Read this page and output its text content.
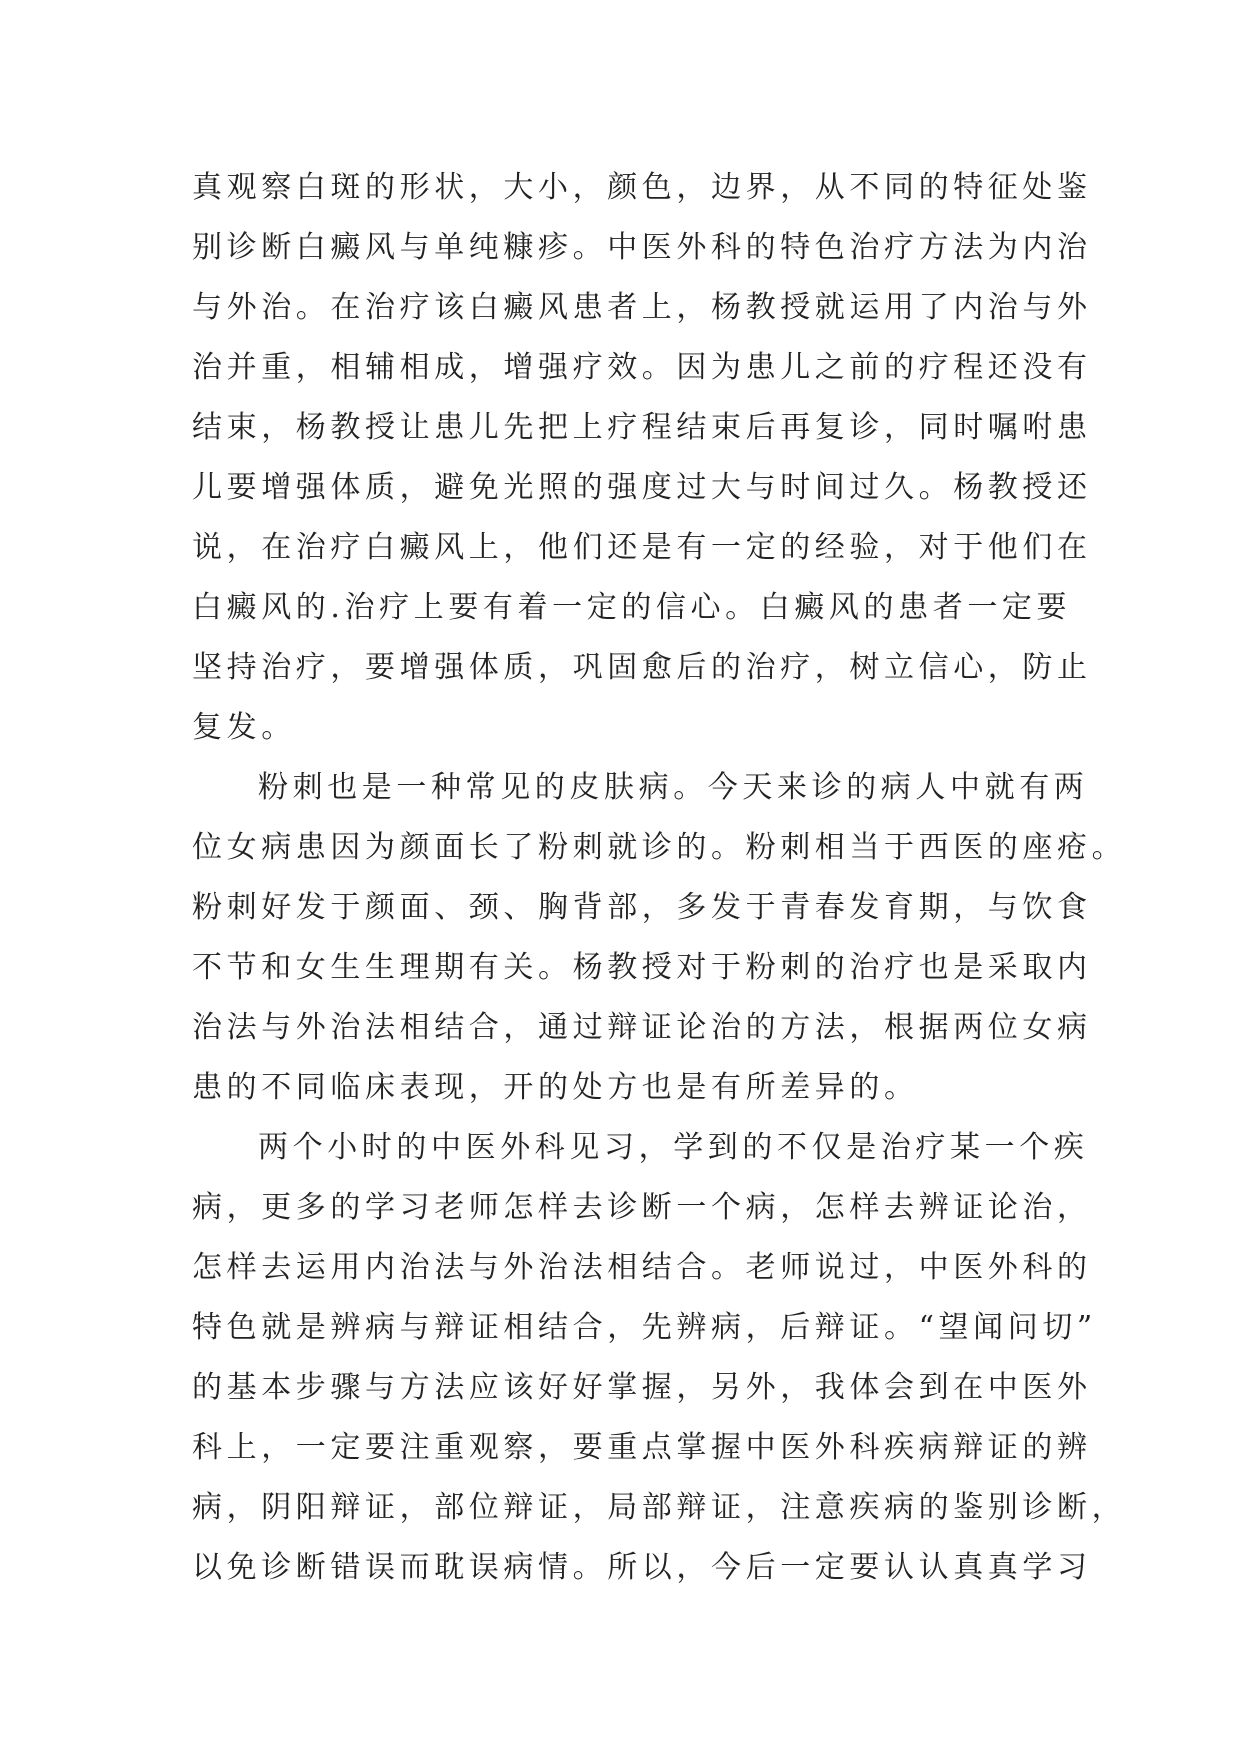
真观察白斑的形状，大小，颜色，边界，从不同的特征处鉴
别诊断白癜风与单纯糠疹。中医外科的特色治疗方法为内治
与外治。在治疗该白癜风患者上，杨教授就运用了内治与外
治并重，相辅相成，增强疗效。因为患儿之前的疗程还没有
结束，杨教授让患儿先把上疗程结束后再复诊，同时嘱咐患
儿要增强体质，避免光照的强度过大与时间过久。杨教授还
说，在治疗白癜风上，他们还是有一定的经验，对于他们在
白癜风的.治疗上要有着一定的信心。白癜风的患者一定要
坚持治疗，要增强体质，巩固愈后的治疗，树立信心，防止
复发。
粉刺也是一种常见的皮肤病。今天来诊的病人中就有两
位女病患因为颜面长了粉刺就诊的。粉刺相当于西医的座疮。
粉刺好发于颜面、颈、胸背部，多发于青春发育期，与饮食
不节和女生生理期有关。杨教授对于粉刺的治疗也是采取内
治法与外治法相结合，通过辩证论治的方法，根据两位女病
患的不同临床表现，开的处方也是有所差异的。
两个小时的中医外科见习，学到的不仅是治疗某一个疾
病，更多的学习老师怎样去诊断一个病，怎样去辨证论治，
怎样去运用内治法与外治法相结合。老师说过，中医外科的
特色就是辨病与辩证相结合，先辨病，后辩证。“望闻问切”
的基本步骤与方法应该好好掌握，另外，我体会到在中医外
科上，一定要注重观察，要重点掌握中医外科疾病辩证的辨
病，阴阳辩证，部位辩证，局部辩证，注意疾病的鉴别诊断，
以免诊断错误而耽误病情。所以，今后一定要认认真真学习
